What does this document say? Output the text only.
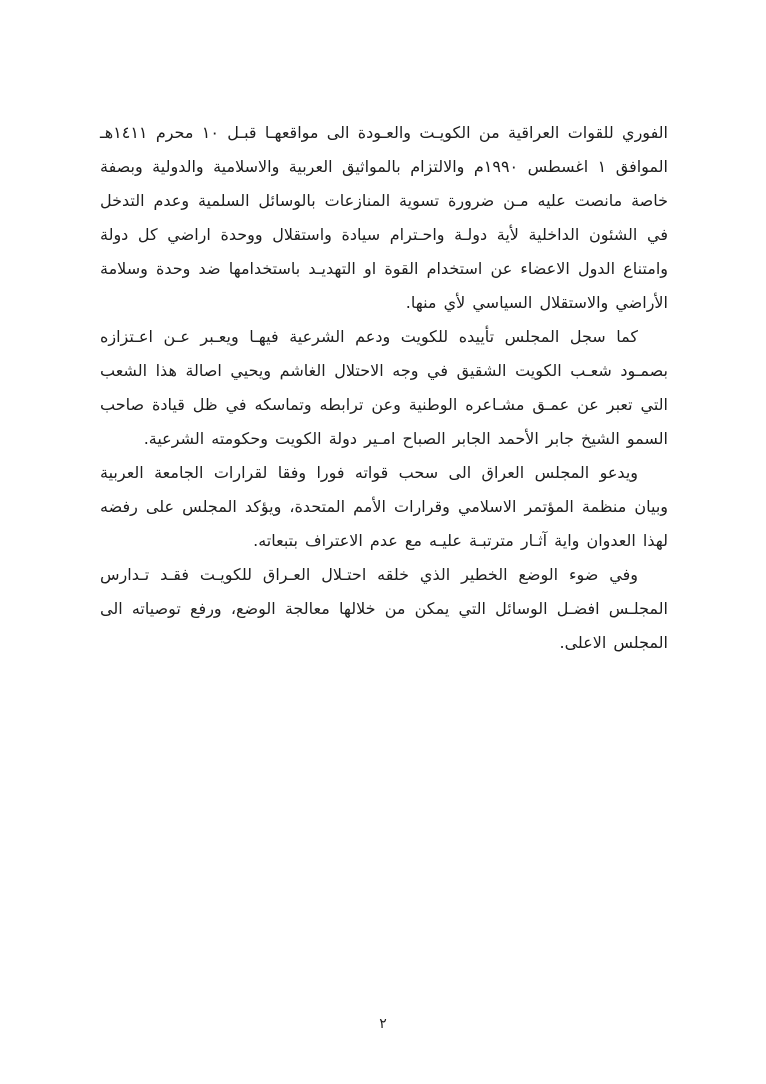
الفوري للقوات العراقية من الكويـت والعـودة الى مواقعهـا قبـل ١٠ محرم ١٤١١هـ الموافق ١ اغسطس ١٩٩٠م والالتزام بالمواثيق العربية والاسلامية والدولية وبصفة خاصة مانصت عليه مـن ضرورة تسوية المنازعات بالوسائل السلمية وعدم التدخل في الشئون الداخلية لأية دولـة واحـترام سيادة واستقلال ووحدة اراضي كل دولة وامتناع الدول الاعضاء عن استخدام القوة او التهديـد باستخدامها ضد وحدة وسلامة الأراضي والاستقلال السياسي لأي منها.

كما سجل المجلس تأييده للكويت ودعم الشرعية فيهـا ويعـبر عـن اعـتزازه بصمـود شعـب الكويت الشقيق في وجه الاحتلال الغاشم ويحيي اصالة هذا الشعب التي تعبر عن عمـق مشـاعره الوطنية وعن ترابطه وتماسكه في ظل قيادة صاحب السمو الشيخ جابر الأحمد الجابر الصباح امـير دولة الكويت وحكومته الشرعية.

ويدعو المجلس العراق الى سحب قواته فورا وفقا لقرارات الجامعة العربية وبيان منظمة المؤتمر الاسلامي وقرارات الأمم المتحدة، ويؤكد المجلس على رفضه لهذا العدوان واية آثـار مترتبـة عليـه مع عدم الاعتراف بتبعاته.

وفي ضوء الوضع الخطير الذي خلقه احتـلال العـراق للكويـت فقـد تـدارس المجلـس افضـل الوسائل التي يمكن من خلالها معالجة الوضع، ورفع توصياته الى المجلس الاعلى.

٢
